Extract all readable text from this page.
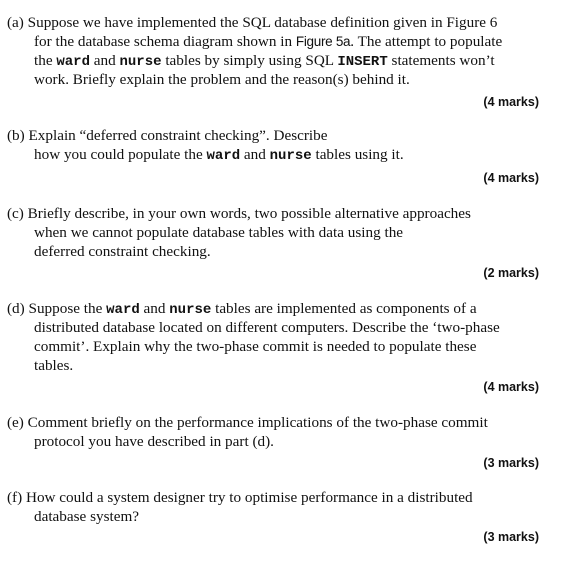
(a) Suppose we have implemented the SQL database definition given in Figure 6
for the database schema diagram shown in Figure 5a. The attempt to populate
the ward and nurse tables by simply using SQL INSERT statements won’t
work. Briefly explain the problem and the reason(s) behind it.
(4 marks)
(b) Explain “deferred constraint checking”. Describe
how you could populate the ward and nurse tables using it.
(4 marks)
(c) Briefly describe, in your own words, two possible alternative approaches
when we cannot populate database tables with data using the
deferred constraint checking.
(2 marks)
(d) Suppose the ward and nurse tables are implemented as components of a
distributed database located on different computers. Describe the ‘two-phase
commit’. Explain why the two-phase commit is needed to populate these
tables.
(4 marks)
(e) Comment briefly on the performance implications of the two-phase commit
protocol you have described in part (d).
(3 marks)
(f) How could a system designer try to optimise performance in a distributed
database system?
(3 marks)
